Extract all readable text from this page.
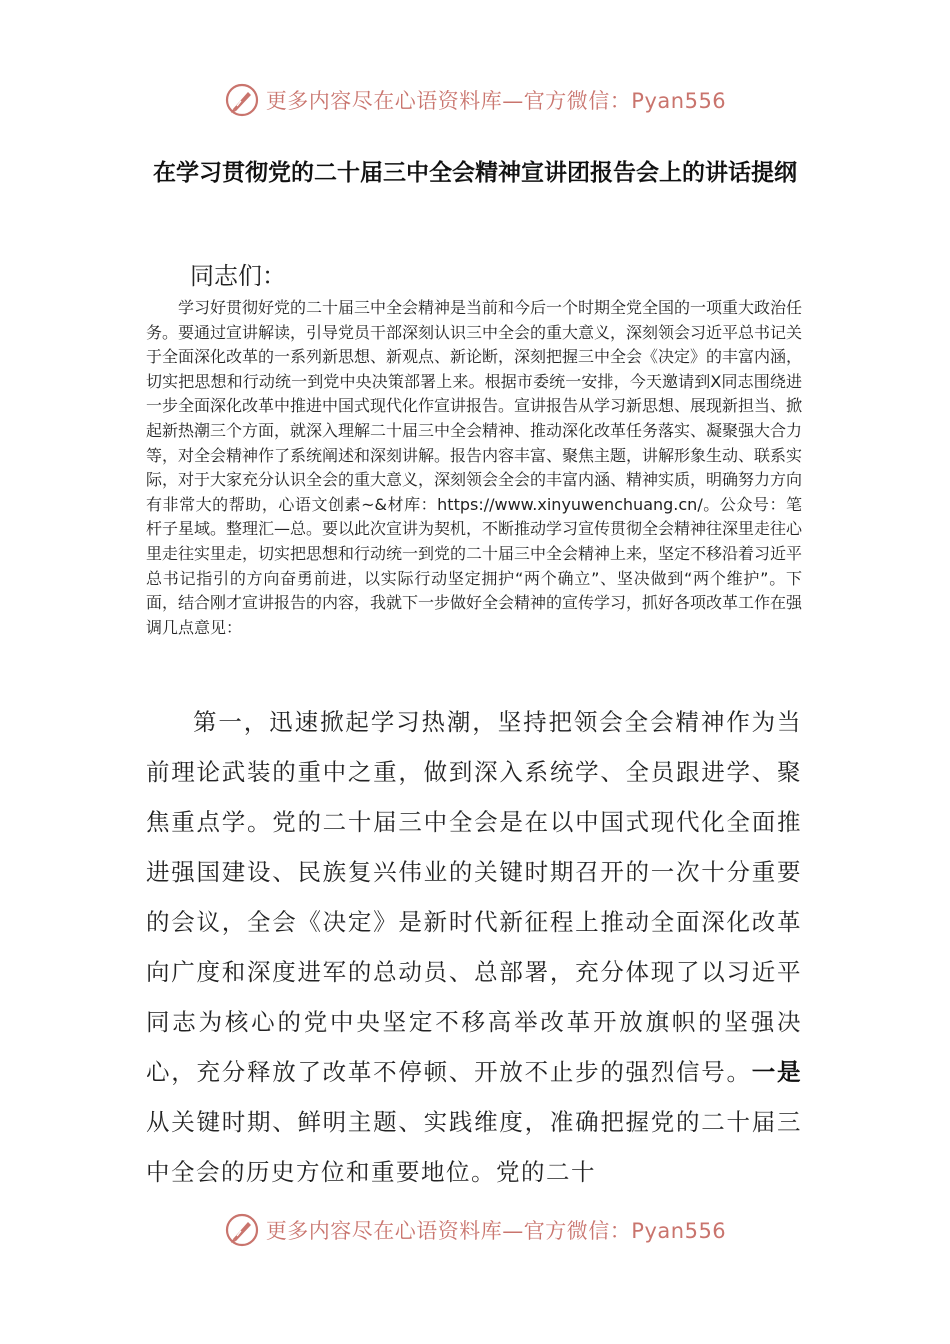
更多内容尽在心语资料库—官方微信：Pyan556
在学习贯彻党的二十届三中全会精神宣讲团报告会上的讲话提纲
同志们：

学习好贯彻好党的二十届三中全会精神是当前和今后一个时期全党全国的一项重大政治任务。要通过宣讲解读，引导党员干部深刻认识三中全会的重大意义，深刻领会习近平总书记关于全面深化改革的一系列新思想、新观点、新论断，深刻把握三中全会《决定》的丰富内涵，切实把思想和行动统一到党中央决策部署上来。根据市委统一安排，今天邀请到X同志围绕进一步全面深化改革中推进中国式现代化作宣讲报告。宣讲报告从学习新思想、展现新担当、掀起新热潮三个方面，就深入理解二十届三中全会精神、推动深化改革任务落实、凝聚强大合力等，对全会精神作了系统阐述和深刻讲解。报告内容丰富、聚焦主题，讲解形象生动、联系实际，对于大家充分认识全会的重大意义，深刻领会全会的丰富内涵、精神实质，明确努力方向有非常大的帮助，心语文创素~&材库：https://www.xinyuwenchuang.cn/。公众号：笔杆子星域。整理汇—总。要以此次宣讲为契机，不断推动学习宣传贯彻全会精神往深里走往心里走往实里走，切实把思想和行动统一到党的二十届三中全会精神上来，坚定不移沿着习近平总书记指引的方向奋勇前进，以实际行动坚定拥护“两个确立”、坚决做到“两个维护”。下面，结合刚才宣讲报告的内容，我就下一步做好全会精神的宣传学习，抓好各项改革工作在强调几点意见：

第一，迅速掀起学习热潮，坚持把领会全会精神作为当前理论武装的重中之重，做到深入系统学、全员跟进学、聚焦重点学。党的二十届三中全会是在以中国式现代化全面推进强国建设、民族复兴伟业的关键时期召开的一次十分重要的会议，全会《决定》是新时代新征程上推动全面深化改革向广度和深度进军的总动员、总部署，充分体现了以习近平同志为核心的党中央坚定不移高举改革开放旗帜的坚强决心，充分释放了改革不停顿、开放不止步的强烈信号。一是从关键时期、鲜明主题、实践维度，准确把握党的二十届三中全会的历史方位和重要地位。党的二十

更多内容尽在心语资料库—官方微信：Pyan556
